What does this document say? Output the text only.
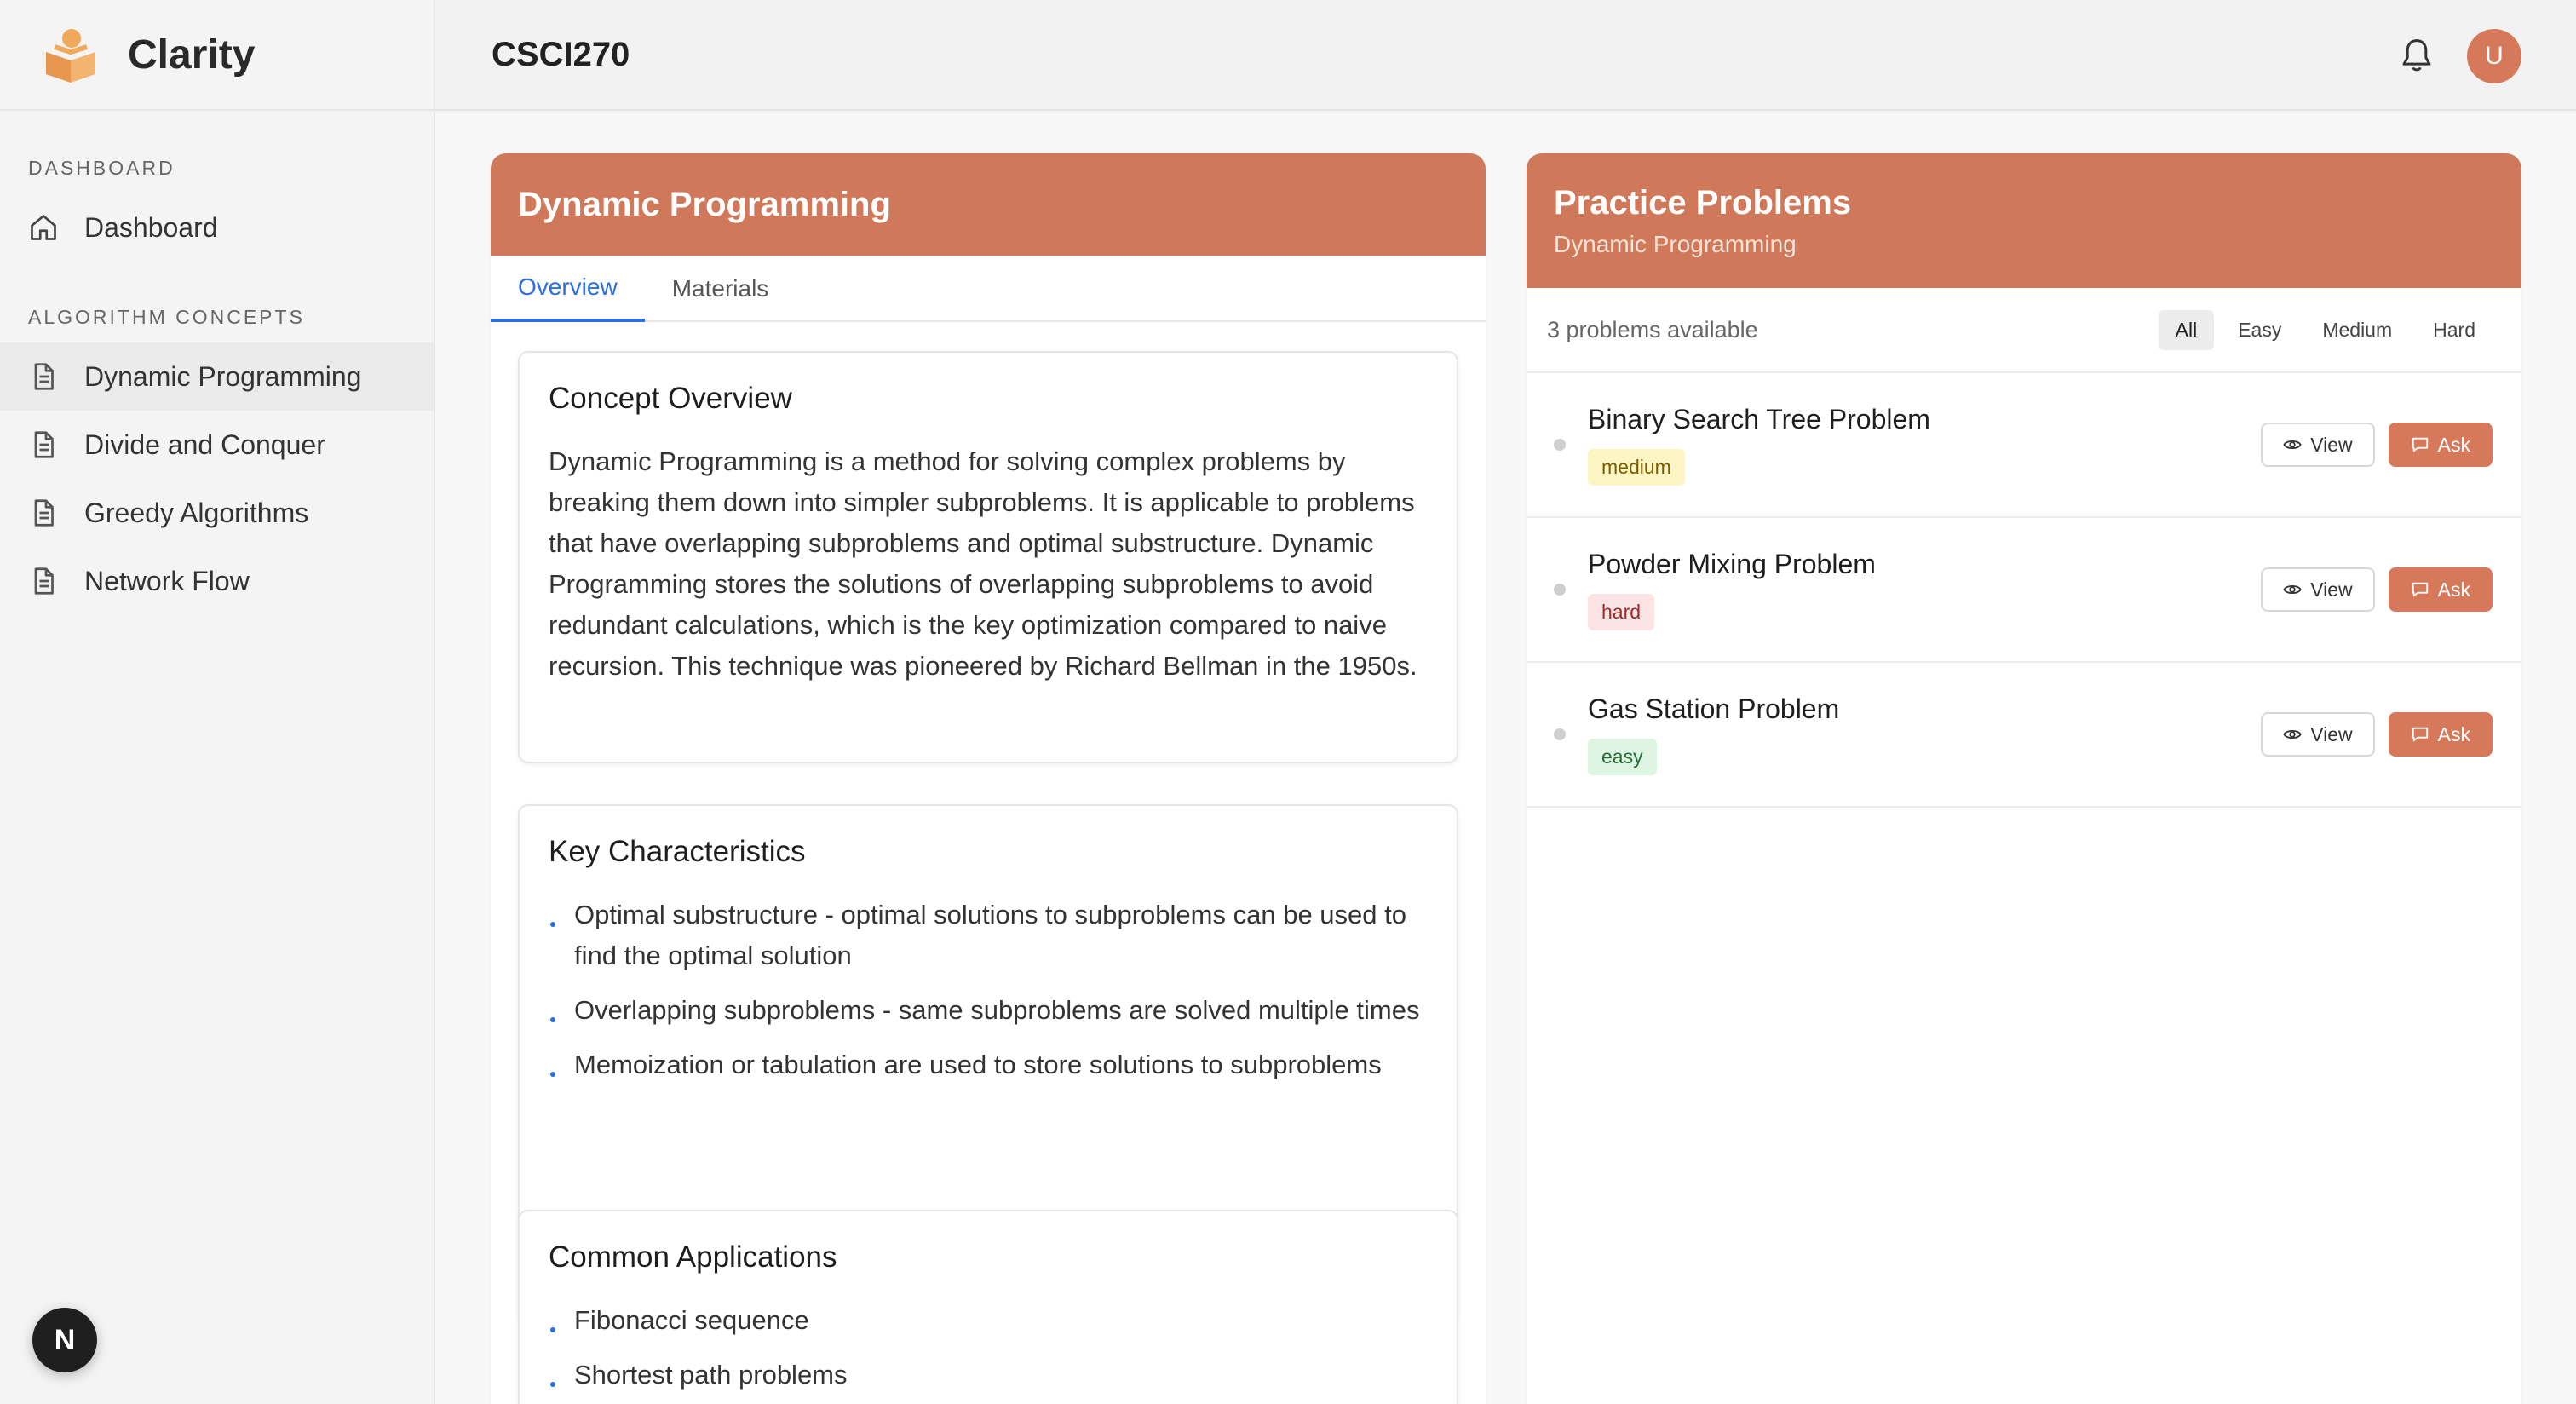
Clarity
DASHBOARD
Dashboard
ALGORITHM CONCEPTS
Dynamic Programming
Divide and Conquer
Greedy Algorithms
Network Flow
N
CSCI270	U
Dynamic Programming
Overview	Materials
Concept Overview

Dynamic Programming is a method for solving complex problems by breaking them down into simpler subproblems. It is applicable to problems that have overlapping subproblems and optimal substructure. Dynamic Programming stores the solutions of overlapping subproblems to avoid redundant calculations, which is the key optimization compared to naive recursion. This technique was pioneered by Richard Bellman in the 1950s.

Key Characteristics
Optimal substructure - optimal solutions to subproblems can be used to find the optimal solution
Overlapping subproblems - same subproblems are solved multiple times
Memoization or tabulation are used to store solutions to subproblems
Common Applications
Fibonacci sequence
Shortest path problems
Practice Problems
Dynamic Programming
3 problems available	All	Easy	Medium	Hard
Binary Search Tree Problem
medium
View	Ask
Powder Mixing Problem
hard
View	Ask
Gas Station Problem
easy
View	Ask
